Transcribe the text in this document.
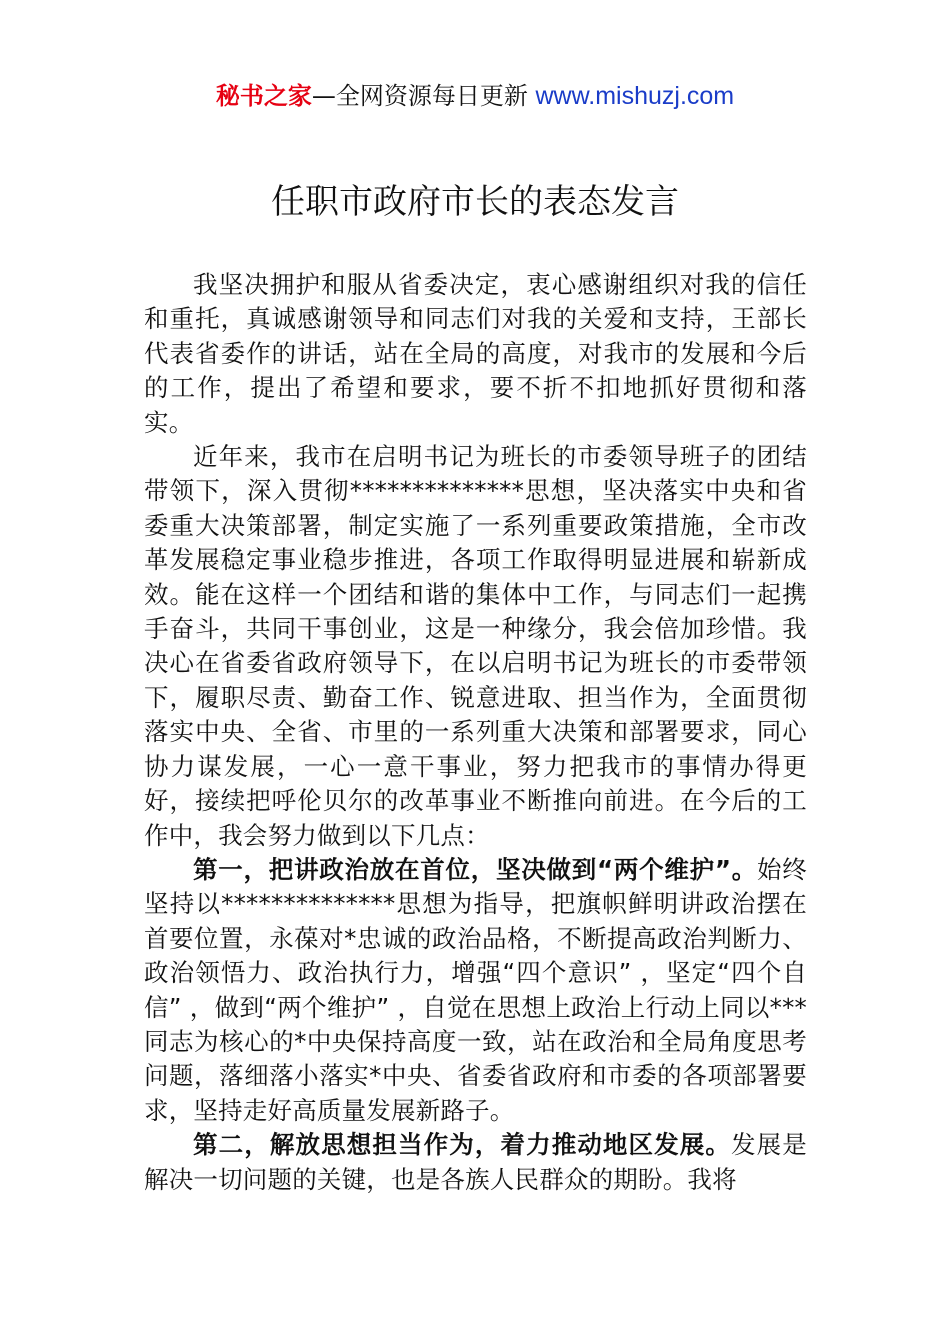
秘书之家—全网资源每日更新 www.mishuzj.com
任职市政府市长的表态发言

我坚决拥护和服从省委决定，衷心感谢组织对我的信任和重托，真诚感谢领导和同志们对我的关爱和支持，王部长代表省委作的讲话，站在全局的高度，对我市的发展和今后的工作，提出了希望和要求，要不折不扣地抓好贯彻和落实。

近年来，我市在启明书记为班长的市委领导班子的团结带领下，深入贯彻**************思想，坚决落实中央和省委重大决策部署，制定实施了一系列重要政策措施，全市改革发展稳定事业稳步推进，各项工作取得明显进展和崭新成效。能在这样一个团结和谐的集体中工作，与同志们一起携手奋斗，共同干事创业，这是一种缘分，我会倍加珍惜。我决心在省委省政府领导下，在以启明书记为班长的市委带领下，履职尽责、勤奋工作、锐意进取、担当作为，全面贯彻落实中央、全省、市里的一系列重大决策和部署要求，同心协力谋发展，一心一意干事业，努力把我市的事情办得更好，接续把呼伦贝尔的改革事业不断推向前进。在今后的工作中，我会努力做到以下几点：

第一，把讲政治放在首位，坚决做到“两个维护”。始终坚持以**************思想为指导，把旗帜鲜明讲政治摆在首要位置，永葆对*忠诚的政治品格，不断提高政治判断力、政治领悟力、政治执行力，增强“四个意识” ，坚定“四个自信” ，做到“两个维护” ，自觉在思想上政治上行动上同以***同志为核心的*中央保持高度一致，站在政治和全局角度思考问题，落细落小落实*中央、省委省政府和市委的各项部署要求，坚持走好高质量发展新路子。

第二，解放思想担当作为，着力推动地区发展。发展是解决一切问题的关键，也是各族人民群众的期盼。我将
